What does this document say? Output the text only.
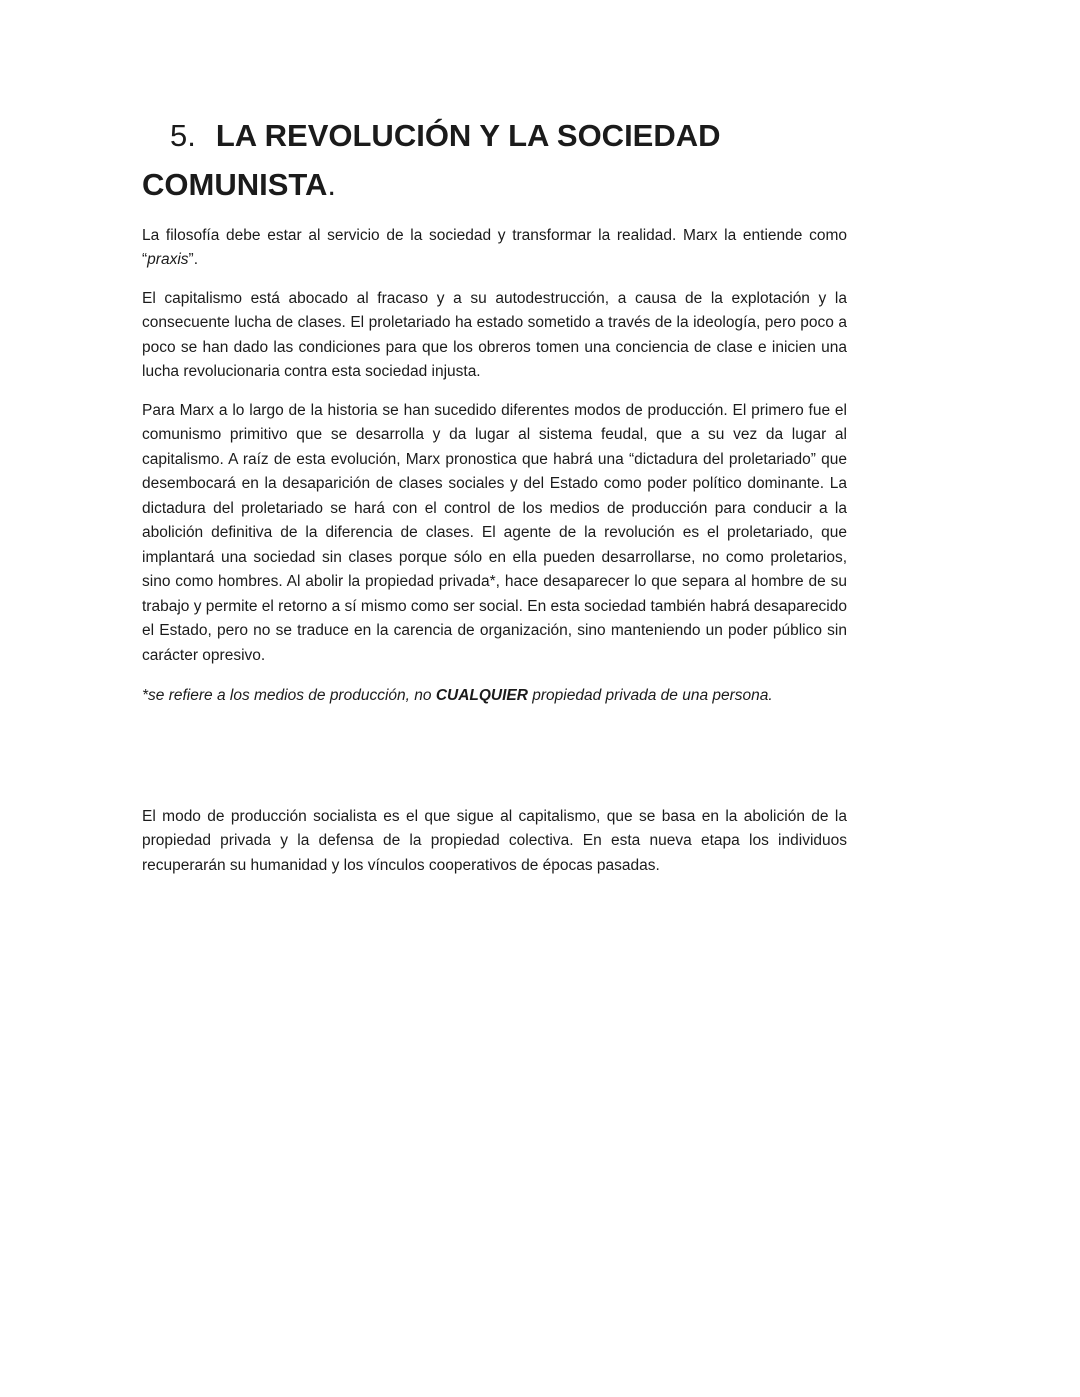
5. LA REVOLUCIÓN Y LA SOCIEDAD COMUNISTA.

La filosofía debe estar al servicio de la sociedad y transformar la realidad. Marx la entiende como “praxis”.

El capitalismo está abocado al fracaso y a su autodestrucción, a causa de la explotación y la consecuente lucha de clases. El proletariado ha estado sometido a través de la ideología, pero poco a poco se han dado las condiciones para que los obreros tomen una conciencia de clase e inicien una lucha revolucionaria contra esta sociedad injusta.

Para Marx a lo largo de la historia se han sucedido diferentes modos de producción. El primero fue el comunismo primitivo que se desarrolla y da lugar al sistema feudal, que a su vez da lugar al capitalismo. A raíz de esta evolución, Marx pronostica que habrá una “dictadura del proletariado” que desembocará en la desaparición de clases sociales y del Estado como poder político dominante. La dictadura del proletariado se hará con el control de los medios de producción para conducir a la abolición definitiva de la diferencia de clases. El agente de la revolución es el proletariado, que implantará una sociedad sin clases porque sólo en ella pueden desarrollarse, no como proletarios, sino como hombres. Al abolir la propiedad privada*, hace desaparecer lo que separa al hombre de su trabajo y permite el retorno a sí mismo como ser social. En esta sociedad también habrá desaparecido el Estado, pero no se traduce en la carencia de organización, sino manteniendo un poder público sin carácter opresivo.

*se refiere a los medios de producción, no CUALQUIER propiedad privada de una persona.

El modo de producción socialista es el que sigue al capitalismo, que se basa en la abolición de la propiedad privada y la defensa de la propiedad colectiva. En esta nueva etapa los individuos recuperarán su humanidad y los vínculos cooperativos de épocas pasadas.
